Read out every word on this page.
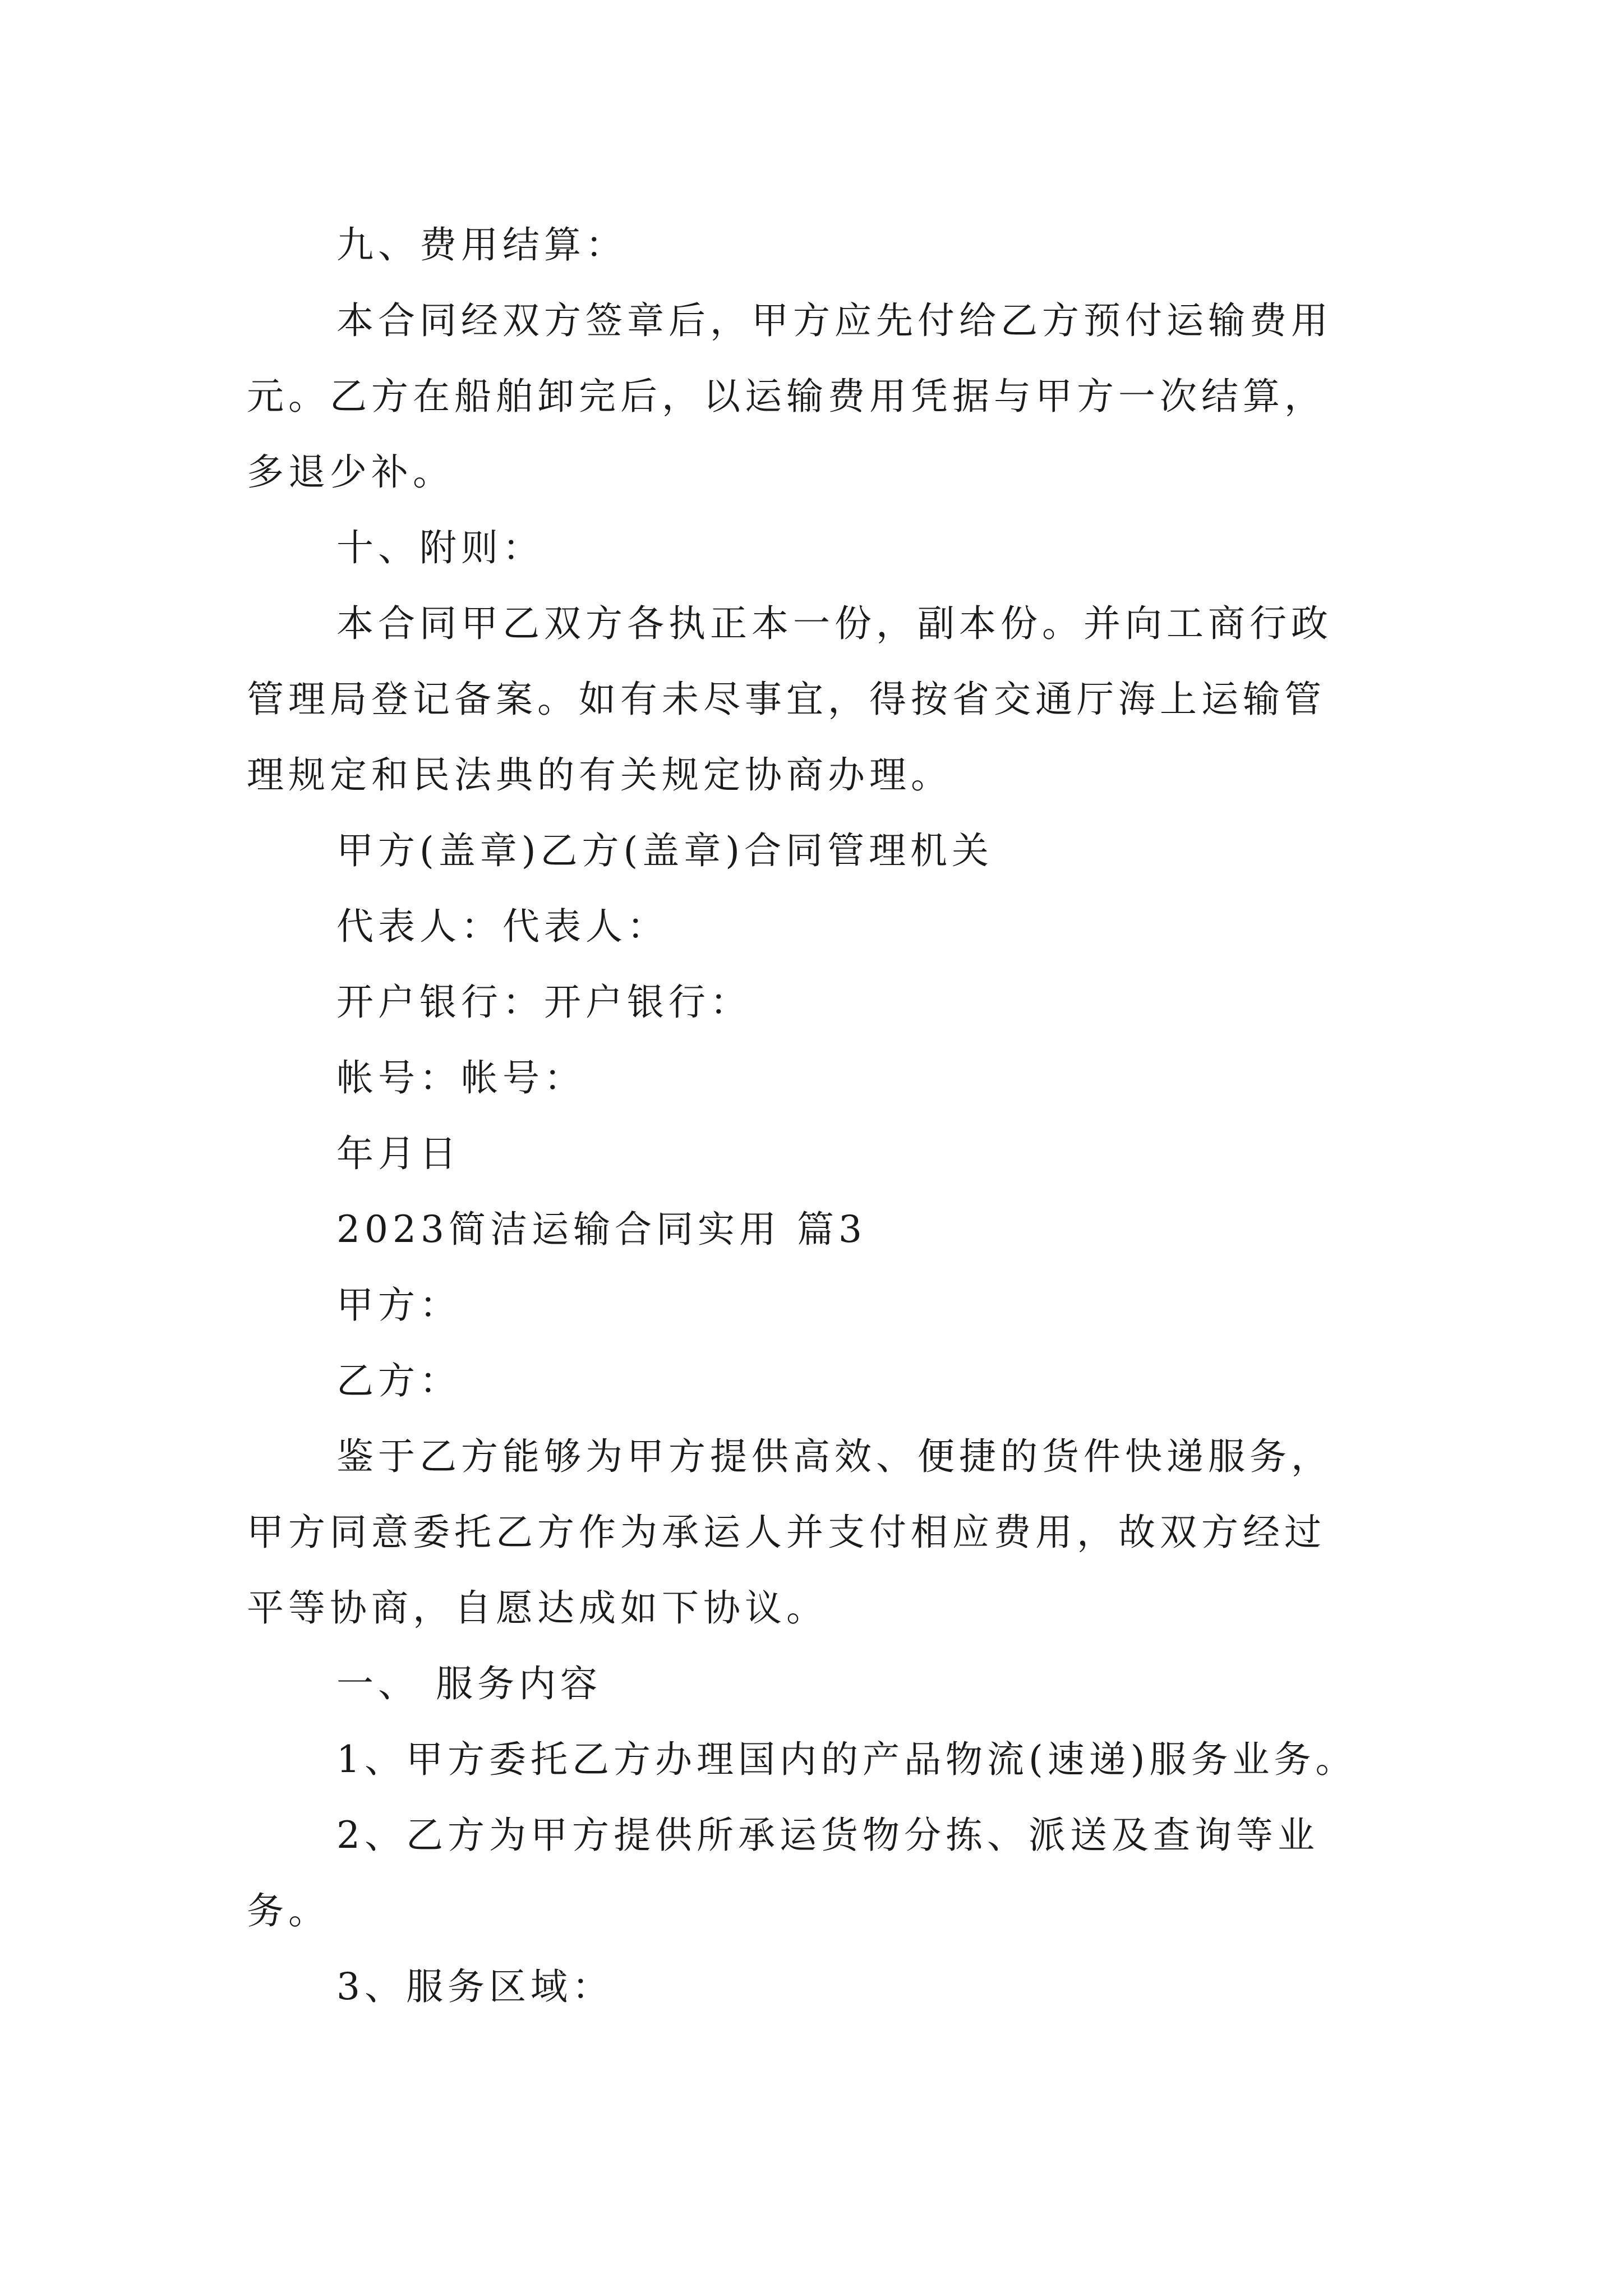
九、费用结算：

本合同经双方签章后，甲方应先付给乙方预付运输费用

元。乙方在船舶卸完后，以运输费用凭据与甲方一次结算，

多退少补。

十、附则：

本合同甲乙双方各执正本一份，副本份。并向工商行政

管理局登记备案。如有未尽事宜，得按省交通厅海上运输管

理规定和民法典的有关规定协商办理。

甲方(盖章)乙方(盖章)合同管理机关

代表人：代表人：

开户银行：开户银行：

帐号：帐号：

年月日

2023简洁运输合同实用 篇3

甲方：

乙方：

鉴于乙方能够为甲方提供高效、便捷的货件快递服务，

甲方同意委托乙方作为承运人并支付相应费用，故双方经过

平等协商，自愿达成如下协议。

一、 服务内容

1、甲方委托乙方办理国内的产品物流(速递)服务业务。

2、乙方为甲方提供所承运货物分拣、派送及查询等业

务。

3、服务区域：
